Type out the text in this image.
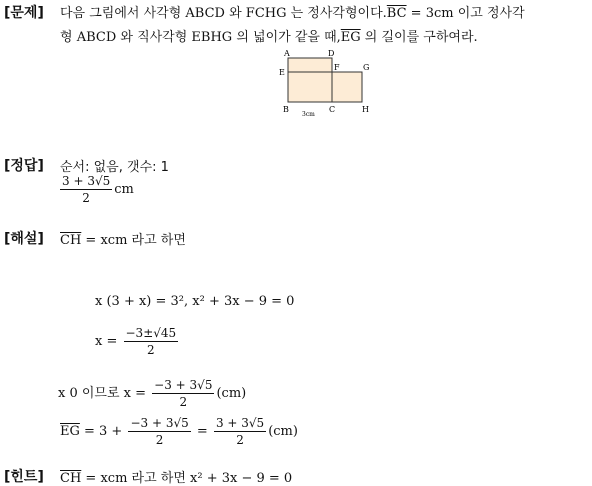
[문제] 다음 그림에서 사각형 ABCD 와 FCHG 는 정사각형이다$.\overline{BC} = 3cm$ 이고 정사각
형 ABCD 와 직사각형 EBHG 의 넓이가 같을 때$,\overline{EG}$ 의 길이를 구하여라.
A	D
E
F	G
B	C	H
3cm
[정답] 순서: 없음, 갯수: 1
$\frac{3 + 3√5}{2}$ cm
[해설] $\overline{CH}$ = xcm 라고 하면
x (3 + x) = 3², x² + 3x − 9 = 0
$x = \frac{-3\pm√45}{2}$
x 0 이므로 $x = \frac{-3 + 3√5}{2} (cm)$
$\overline{EG} = 3 + \frac{-3 + 3√5}{2} = \frac{3 + 3√5}{2} (cm)$
[힌트] $\overline{CH}$ = xcm 라고 하면 x² + 3x − 9 = 0
